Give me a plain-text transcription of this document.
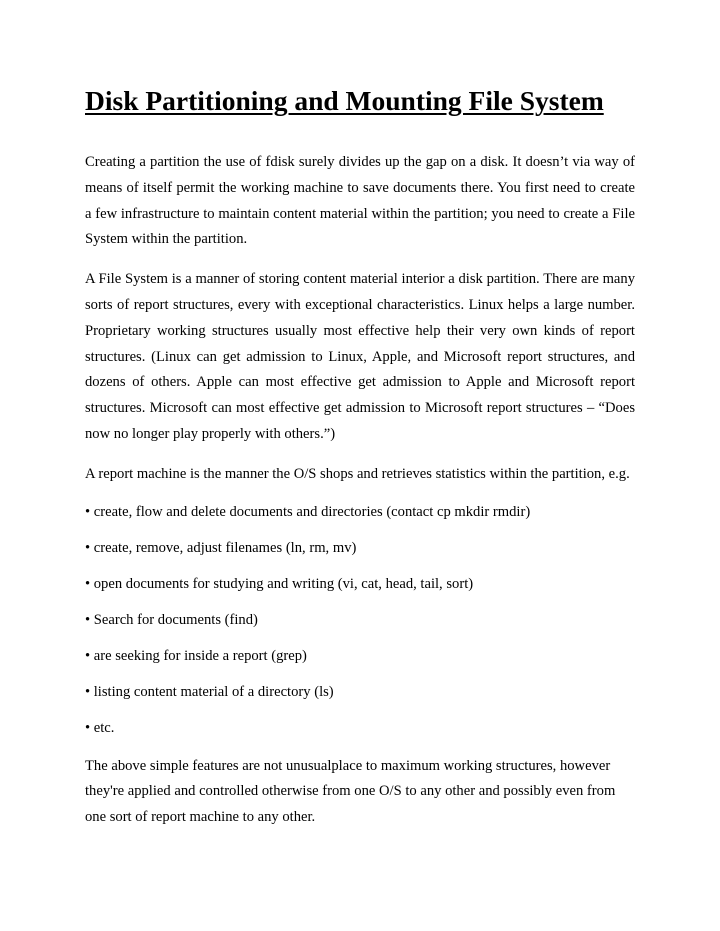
Disk Partitioning and Mounting File System

Creating a partition the use of fdisk surely divides up the gap on a disk. It doesn’t via way of means of itself permit the working machine to save documents there. You first need to create a few infrastructure to maintain content material within the partition; you need to create a File System within the partition.

A File System is a manner of storing content material interior a disk partition. There are many sorts of report structures, every with exceptional characteristics. Linux helps a large number. Proprietary working structures usually most effective help their very own kinds of report structures. (Linux can get admission to Linux, Apple, and Microsoft report structures, and dozens of others. Apple can most effective get admission to Apple and Microsoft report structures. Microsoft can most effective get admission to Microsoft report structures – “Does now no longer play properly with others.”)

A report machine is the manner the O/S shops and retrieves statistics within the partition, e.g.

• create, flow and delete documents and directories (contact cp mkdir rmdir)
• create, remove, adjust filenames (ln, rm, mv)
• open documents for studying and writing (vi, cat, head, tail, sort)
• Search for documents (find)
• are seeking for inside a report (grep)
• listing content material of a directory (ls)
• etc.

The above simple features are not unusualplace to maximum working structures, however they're applied and controlled otherwise from one O/S to any other and possibly even from one sort of report machine to any other.
